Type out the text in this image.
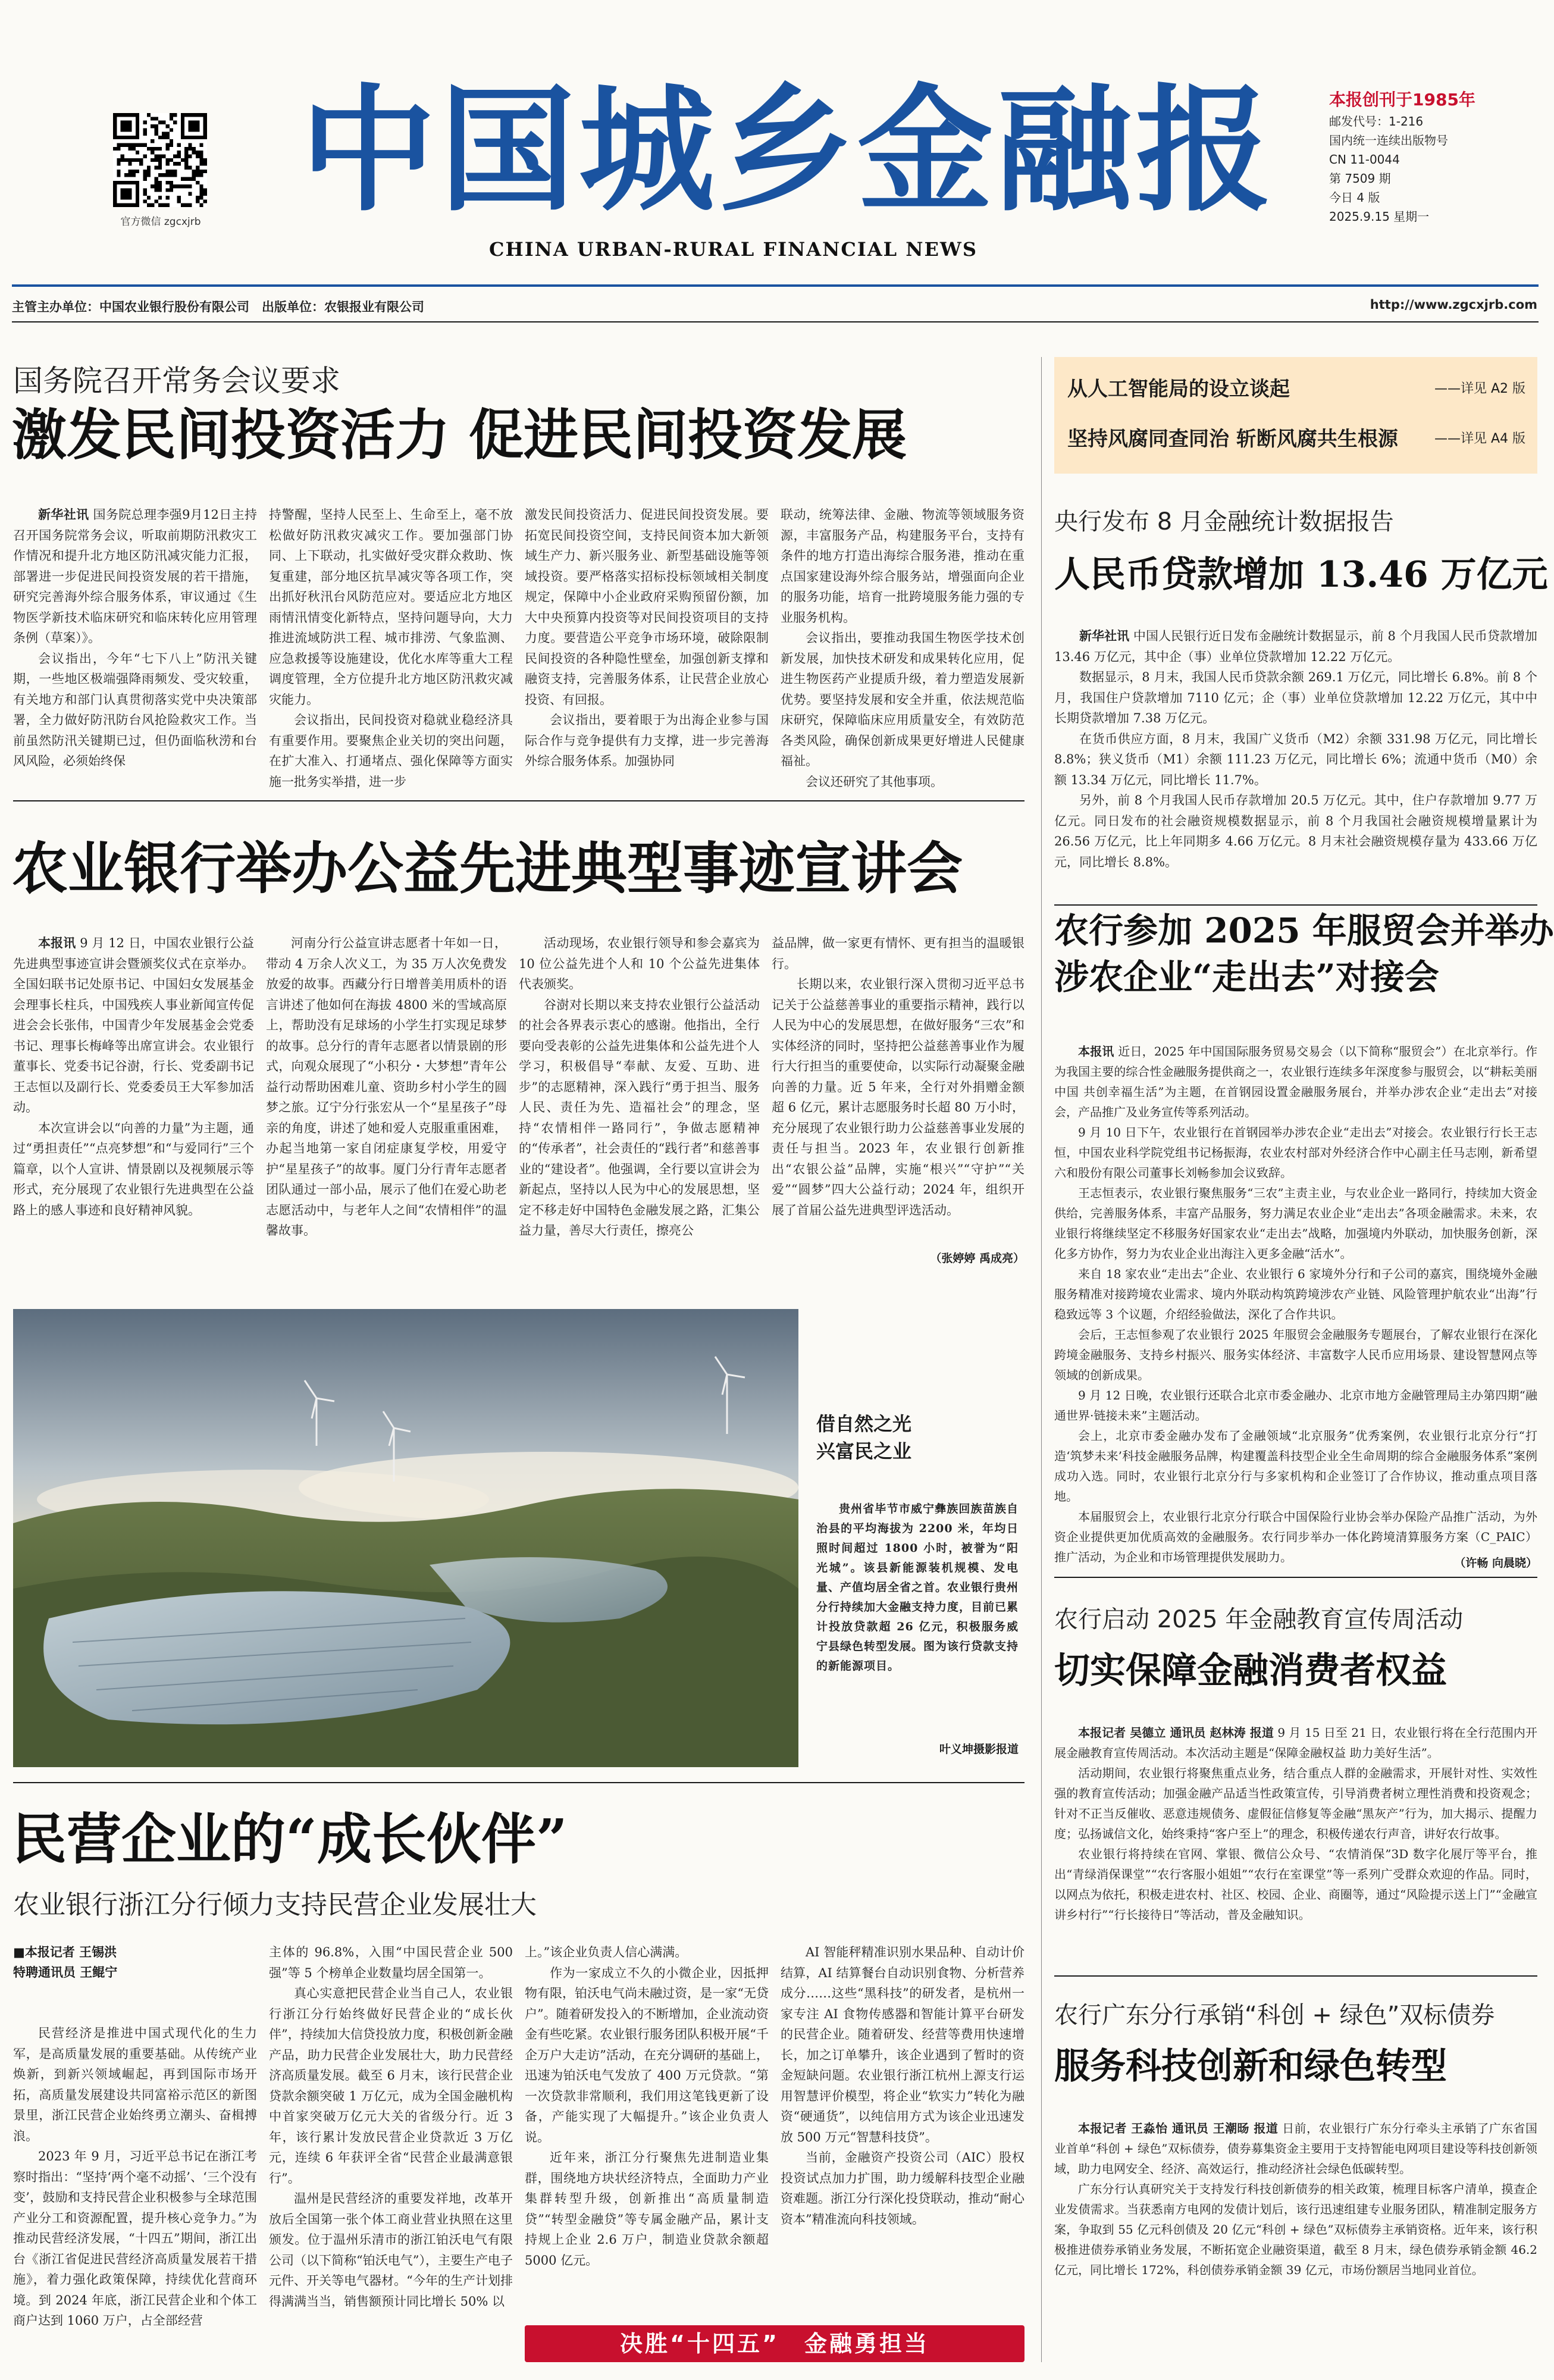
官方微信 zgcxjrb 中国城乡金融报
CHINA URBAN-RURAL FINANCIAL NEWS
本报创刊于1985年
邮发代号：1-216
国内统一连续出版物号
CN 11-0044
第 7509 期
今日 4 版
2025.9.15 星期一
主管主办单位：中国农业银行股份有限公司　出版单位：农银报业有限公司	http://www.zgcxjrb.com
国务院召开常务会议要求
激发民间投资活力 促进民间投资发展

新华社讯 国务院总理李强9月12日主持召开国务院常务会议，听取前期防汛救灾工作情况和提升北方地区防汛减灾能力汇报，部署进一步促进民间投资发展的若干措施，研究完善海外综合服务体系，审议通过《生物医学新技术临床研究和临床转化应用管理条例（草案）》。

会议指出，今年“七下八上”防汛关键期，一些地区极端强降雨频发、受灾较重，有关地方和部门认真贯彻落实党中央决策部署，全力做好防汛防台风抢险救灾工作。当前虽然防汛关键期已过，但仍面临秋涝和台风风险，必须始终保

持警醒，坚持人民至上、生命至上，毫不放松做好防汛救灾减灾工作。要加强部门协同、上下联动，扎实做好受灾群众救助、恢复重建，部分地区抗旱减灾等各项工作，突出抓好秋汛台风防范应对。要适应北方地区雨情汛情变化新特点，坚持问题导向，大力推进流域防洪工程、城市排涝、气象监测、应急救援等设施建设，优化水库等重大工程调度管理，全方位提升北方地区防汛救灾减灾能力。

会议指出，民间投资对稳就业稳经济具有重要作用。要聚焦企业关切的突出问题，在扩大准入、打通堵点、强化保障等方面实施一批务实举措，进一步

激发民间投资活力、促进民间投资发展。要拓宽民间投资空间，支持民间资本加大新领域生产力、新兴服务业、新型基础设施等领域投资。要严格落实招标投标领域相关制度规定，保障中小企业政府采购预留份额，加大中央预算内投资等对民间投资项目的支持力度。要营造公平竞争市场环境，破除限制民间投资的各种隐性壁垒，加强创新支撑和融资支持，完善服务体系，让民营企业放心投资、有回报。

会议指出，要着眼于为出海企业参与国际合作与竞争提供有力支撑，进一步完善海外综合服务体系。加强协同

联动，统筹法律、金融、物流等领域服务资源，丰富服务产品，构建服务平台，支持有条件的地方打造出海综合服务港，推动在重点国家建设海外综合服务站，增强面向企业的服务功能，培育一批跨境服务能力强的专业服务机构。

会议指出，要推动我国生物医学技术创新发展，加快技术研发和成果转化应用，促进生物医药产业提质升级，着力塑造发展新优势。要坚持发展和安全并重，依法规范临床研究，保障临床应用质量安全，有效防范各类风险，确保创新成果更好增进人民健康福祉。

会议还研究了其他事项。

从人工智能局的设立谈起	——详见 A2 版
坚持风腐同查同治 斩断风腐共生根源	——详见 A4 版
央行发布 8 月金融统计数据报告
人民币贷款增加 13.46 万亿元

新华社讯 中国人民银行近日发布金融统计数据显示，前 8 个月我国人民币贷款增加 13.46 万亿元，其中企（事）业单位贷款增加 12.22 万亿元。

数据显示，8 月末，我国人民币贷款余额 269.1 万亿元，同比增长 6.8%。前 8 个月，我国住户贷款增加 7110 亿元；企（事）业单位贷款增加 12.22 万亿元，其中中长期贷款增加 7.38 万亿元。

在货币供应方面，8 月末，我国广义货币（M2）余额 331.98 万亿元，同比增长 8.8%；狭义货币（M1）余额 111.23 万亿元，同比增长 6%；流通中货币（M0）余额 13.34 万亿元，同比增长 11.7%。

另外，前 8 个月我国人民币存款增加 20.5 万亿元。其中，住户存款增加 9.77 万亿元。同日发布的社会融资规模数据显示，前 8 个月我国社会融资规模增量累计为 26.56 万亿元，比上年同期多 4.66 万亿元。8 月末社会融资规模存量为 433.66 万亿元，同比增长 8.8%。

农业银行举办公益先进典型事迹宣讲会

本报讯 9 月 12 日，中国农业银行公益先进典型事迹宣讲会暨颁奖仪式在京举办。全国妇联书记处原书记、中国妇女发展基金会理事长柱兵，中国残疾人事业新闻宣传促进会会长张伟，中国青少年发展基金会党委书记、理事长梅峰等出席宣讲会。农业银行董事长、党委书记谷澍，行长、党委副书记王志恒以及副行长、党委委员王大军参加活动。

本次宣讲会以“向善的力量”为主题，通过“勇担责任”“点亮梦想”和“与爱同行”三个篇章，以个人宣讲、情景剧以及视频展示等形式，充分展现了农业银行先进典型在公益路上的感人事迹和良好精神风貌。

河南分行公益宣讲志愿者十年如一日，带动 4 万余人次义工，为 35 万人次免费发放爱的故事。西藏分行日增普美用质朴的语言讲述了他如何在海拔 4800 米的雪域高原上，帮助没有足球场的小学生打实现足球梦的故事。总分行的青年志愿者以情景剧的形式，向观众展现了“小积分・大梦想”青年公益行动帮助困难儿童、资助乡村小学生的圆梦之旅。辽宁分行张宏从一个“星星孩子”母亲的角度，讲述了她和爱人克服重重困难，办起当地第一家自闭症康复学校，用爱守护“星星孩子”的故事。厦门分行青年志愿者团队通过一部小品，展示了他们在爱心助老志愿活动中，与老年人之间“农情相伴”的温馨故事。

活动现场，农业银行领导和参会嘉宾为 10 位公益先进个人和 10 个公益先进集体代表颁奖。

谷澍对长期以来支持农业银行公益活动的社会各界表示衷心的感谢。他指出，全行要向受表彰的公益先进集体和公益先进个人学习，积极倡导“奉献、友爱、互助、进步”的志愿精神，深入践行“勇于担当、服务人民、责任为先、造福社会”的理念，坚持“农情相伴一路同行”，争做志愿精神的“传承者”，社会责任的“践行者”和慈善事业的“建设者”。他强调，全行要以宣讲会为新起点，坚持以人民为中心的发展思想，坚定不移走好中国特色金融发展之路，汇集公益力量，善尽大行责任，擦亮公

益品牌，做一家更有情怀、更有担当的温暖银行。

长期以来，农业银行深入贯彻习近平总书记关于公益慈善事业的重要指示精神，践行以人民为中心的发展思想，在做好服务“三农”和实体经济的同时，坚持把公益慈善事业作为履行大行担当的重要使命，以实际行动凝聚金融向善的力量。近 5 年来，全行对外捐赠金额超 6 亿元，累计志愿服务时长超 80 万小时，充分展现了农业银行助力公益慈善事业发展的责任与担当。2023 年，农业银行创新推出“农银公益”品牌，实施“根兴”“守护”“关爱”“圆梦”四大公益行动；2024 年，组织开展了首届公益先进典型评选活动。

（张婷婷 禹成亮）
借自然之光
兴富民之业
贵州省毕节市威宁彝族回族苗族自治县的平均海拔为 2200 米，年均日照时间超过 1800 小时，被誉为“阳光城”。该县新能源装机规模、发电量、产值均居全省之首。农业银行贵州分行持续加大金融支持力度，目前已累计投放贷款超 26 亿元，积极服务威宁县绿色转型发展。图为该行贷款支持的新能源项目。
叶义坤摄影报道
民营企业的“成长伙伴”
农业银行浙江分行倾力支持民营企业发展壮大
■本报记者 王锡洪
特聘通讯员 王鲲宁

民营经济是推进中国式现代化的生力军，是高质量发展的重要基础。从传统产业焕新，到新兴领域崛起，再到国际市场开拓，高质量发展建设共同富裕示范区的新图景里，浙江民营企业始终勇立潮头、奋楫搏浪。

2023 年 9 月，习近平总书记在浙江考察时指出：“坚持‘两个毫不动摇’、‘三个没有变’，鼓励和支持民营企业积极参与全球范围产业分工和资源配置，提升核心竞争力。”为推动民营经济发展，“十四五”期间，浙江出台《浙江省促进民营经济高质量发展若干措施》，着力强化政策保障，持续优化营商环境。到 2024 年底，浙江民营企业和个体工商户达到 1060 万户，占全部经营

主体的 96.8%，入围“中国民营企业 500 强”等 5 个榜单企业数量均居全国第一。

真心实意把民营企业当自己人，农业银行浙江分行始终做好民营企业的“成长伙伴”，持续加大信贷投放力度，积极创新金融产品，助力民营企业发展壮大，助力民营经济高质量发展。截至 6 月末，该行民营企业贷款余额突破 1 万亿元，成为全国金融机构中首家突破万亿元大关的省级分行。近 3 年，该行累计发放民营企业贷款近 3 万亿元，连续 6 年获评全省“民营企业最满意银行”。

温州是民营经济的重要发祥地，改革开放后全国第一张个体工商业营业执照在这里颁发。位于温州乐清市的浙江铂沃电气有限公司（以下简称“铂沃电气”），主要生产电子元件、开关等电气器材。“今年的生产计划排得满满当当，销售额预计同比增长 50% 以

上。”该企业负责人信心满满。

作为一家成立不久的小微企业，因抵押物有限，铂沃电气尚未融过资，是一家“无贷户”。随着研发投入的不断增加，企业流动资金有些吃紧。农业银行服务团队积极开展“千企万户大走访”活动，在充分调研的基础上，迅速为铂沃电气发放了 400 万元贷款。“第一次贷款非常顺利，我们用这笔钱更新了设备，产能实现了大幅提升。”该企业负责人说。

近年来，浙江分行聚焦先进制造业集群，围绕地方块状经济特点，全面助力产业集群转型升级，创新推出“高质量制造贷”“转型金融贷”等专属金融产品，累计支持规上企业 2.6 万户，制造业贷款余额超 5000 亿元。

AI 智能秤精准识别水果品种、自动计价结算，AI 结算餐台自动识别食物、分析营养成分……这些“黑科技”的研发者，是杭州一家专注 AI 食物传感器和智能计算平台研发的民营企业。随着研发、经营等费用快速增长，加之订单攀升，该企业遇到了暂时的资金短缺问题。农业银行浙江杭州上源支行运用智慧评价模型，将企业“软实力”转化为融资“硬通货”，以纯信用方式为该企业迅速发放 500 万元“智慧科技贷”。

当前，金融资产投资公司（AIC）股权投资试点加力扩围，助力缓解科技型企业融资难题。浙江分行深化投贷联动，推动“耐心资本”精准流向科技领域。

决胜“十四五”　金融勇担当
农行参加 2025 年服贸会并举办
涉农企业“走出去”对接会

本报讯 近日，2025 年中国国际服务贸易交易会（以下简称“服贸会”）在北京举行。作为我国主要的综合性金融服务提供商之一，农业银行连续多年深度参与服贸会，以“耕耘美丽中国 共创幸福生活”为主题，在首钢园设置金融服务展台，并举办涉农企业“走出去”对接会，产品推广及业务宣传等系列活动。

9 月 10 日下午，农业银行在首钢园举办涉农企业“走出去”对接会。农业银行行长王志恒，中国农业科学院党组书记杨振海，农业农村部对外经济合作中心副主任马志刚，新希望六和股份有限公司董事长刘畅参加会议致辞。

王志恒表示，农业银行聚焦服务“三农”主责主业，与农业企业一路同行，持续加大资金供给，完善服务体系，丰富产品服务，努力满足农业企业“走出去”各项金融需求。未来，农业银行将继续坚定不移服务好国家农业“走出去”战略，加强境内外联动，加快服务创新，深化多方协作，努力为农业企业出海注入更多金融“活水”。

来自 18 家农业“走出去”企业、农业银行 6 家境外分行和子公司的嘉宾，围绕境外金融服务精准对接跨境农业需求、境内外联动构筑跨境涉农产业链、风险管理护航农业“出海”行稳致远等 3 个议题，介绍经验做法，深化了合作共识。

会后，王志恒参观了农业银行 2025 年服贸会金融服务专题展台，了解农业银行在深化跨境金融服务、支持乡村振兴、服务实体经济、丰富数字人民币应用场景、建设智慧网点等领域的创新成果。

9 月 12 日晚，农业银行还联合北京市委金融办、北京市地方金融管理局主办第四期“融通世界·链接未来”主题活动。

会上，北京市委金融办发布了金融领域“北京服务”优秀案例，农业银行北京分行“打造‘筑梦未来’科技金融服务品牌，构建覆盖科技型企业全生命周期的综合金融服务体系”案例成功入选。同时，农业银行北京分行与多家机构和企业签订了合作协议，推动重点项目落地。

本届服贸会上，农业银行北京分行联合中国保险行业协会举办保险产品推广活动，为外资企业提供更加优质高效的金融服务。农行同步举办一体化跨境清算服务方案（C_PAIC）推广活动，为企业和市场管理提供发展助力。	（许畅 向晨晓）
农行启动 2025 年金融教育宣传周活动
切实保障金融消费者权益

本报记者 吴德立 通讯员 赵林涛 报道 9 月 15 日至 21 日，农业银行将在全行范围内开展金融教育宣传周活动。本次活动主题是“保障金融权益 助力美好生活”。

活动期间，农业银行将聚焦重点业务，结合重点人群的金融需求，开展针对性、实效性强的教育宣传活动；加强金融产品适当性政策宣传，引导消费者树立理性消费和投资观念；针对不正当反催收、恶意违规债务、虚假征信修复等金融“黑灰产”行为，加大揭示、提醒力度；弘扬诚信文化，始终秉持“客户至上”的理念，积极传递农行声音，讲好农行故事。

农业银行将持续在官网、掌银、微信公众号、“农情消保”3D 数字化展厅等平台，推出“青绿消保课堂”“农行客服小姐姐”“农行在室课堂”等一系列广受群众欢迎的作品。同时，以网点为依托，积极走进农村、社区、校园、企业、商圈等，通过“风险提示送上门”“金融宣讲乡村行”“行长接待日”等活动，普及金融知识。

农行广东分行承销“科创 + 绿色”双标债券
服务科技创新和绿色转型

本报记者 王淼怡 通讯员 王潮旸 报道 日前，农业银行广东分行牵头主承销了广东省国业首单“科创 + 绿色”双标债券，债券募集资金主要用于支持智能电网项目建设等科技创新领域，助力电网安全、经济、高效运行，推动经济社会绿色低碳转型。

广东分行认真研究关于支持发行科技创新债券的相关政策，梳理目标客户清单，摸查企业发债需求。当获悉南方电网的发债计划后，该行迅速组建专业服务团队，精准制定服务方案，争取到 55 亿元科创债及 20 亿元“科创 + 绿色”双标债券主承销资格。近年来，该行积极推进债券承销业务发展，不断拓宽企业融资渠道，截至 8 月末，绿色债券承销金额 46.2 亿元，同比增长 172%，科创债券承销金额 39 亿元，市场份额居当地同业首位。
